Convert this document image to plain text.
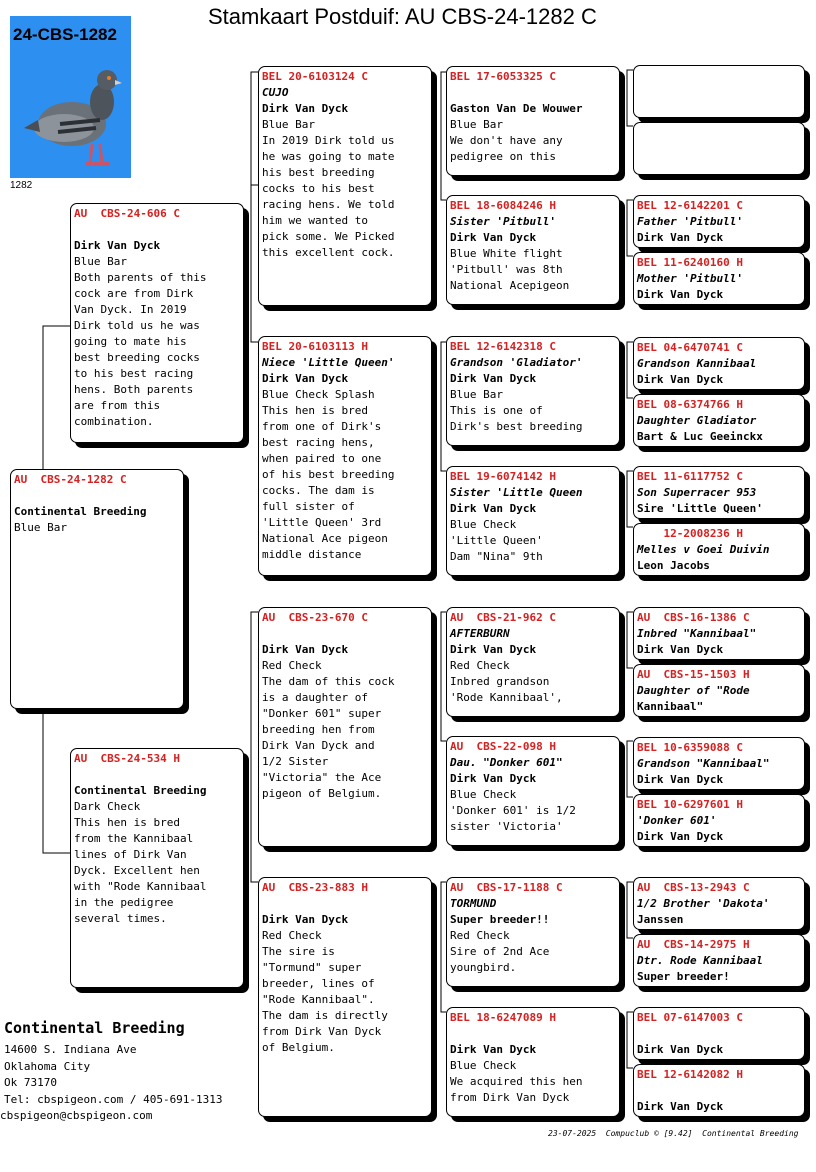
Stamkaart Postduif: AU CBS-24-1282 C
24-CBS-1282
1282
AU  CBS-24-1282 C

Continental Breeding
Blue Bar
AU  CBS-24-606 C

Dirk Van Dyck
Blue Bar
Both parents of this
cock are from Dirk
Van Dyck. In 2019
Dirk told us he was
going to mate his
best breeding cocks
to his best racing
hens. Both parents
are from this
combination.
AU  CBS-24-534 H

Continental Breeding
Dark Check
This hen is bred
from the Kannibaal
lines of Dirk Van
Dyck. Excellent hen
with "Rode Kannibaal
in the pedigree
several times.
BEL 20-6103124 C
CUJO
Dirk Van Dyck
Blue Bar
In 2019 Dirk told us
he was going to mate
his best breeding
cocks to his best
racing hens. We told
him we wanted to
pick some. We Picked
this excellent cock.
BEL 20-6103113 H
Niece 'Little Queen'
Dirk Van Dyck
Blue Check Splash
This hen is bred
from one of Dirk's
best racing hens,
when paired to one
of his best breeding
cocks. The dam is
full sister of
'Little Queen' 3rd
National Ace pigeon
middle distance
AU  CBS-23-670 C

Dirk Van Dyck
Red Check
The dam of this cock
is a daughter of
"Donker 601" super
breeding hen from
Dirk Van Dyck and
1/2 Sister
"Victoria" the Ace
pigeon of Belgium.
AU  CBS-23-883 H

Dirk Van Dyck
Red Check
The sire is
"Tormund" super
breeder, lines of
"Rode Kannibaal".
The dam is directly
from Dirk Van Dyck
of Belgium.
BEL 17-6053325 C

Gaston Van De Wouwer
Blue Bar
We don't have any
pedigree on this
BEL 18-6084246 H
Sister 'Pitbull'
Dirk Van Dyck
Blue White flight
'Pitbull' was 8th
National Acepigeon
BEL 12-6142318 C
Grandson 'Gladiator'
Dirk Van Dyck
Blue Bar
This is one of
Dirk's best breeding
BEL 19-6074142 H
Sister 'Little Queen
Dirk Van Dyck
Blue Check
'Little Queen'
Dam "Nina" 9th
AU  CBS-21-962 C
AFTERBURN
Dirk Van Dyck
Red Check
Inbred grandson
'Rode Kannibaal',
AU  CBS-22-098 H
Dau. "Donker 601"
Dirk Van Dyck
Blue Check
'Donker 601' is 1/2
sister 'Victoria'
AU  CBS-17-1188 C
TORMUND
Super breeder!!
Red Check
Sire of 2nd Ace
youngbird.
BEL 18-6247089 H

Dirk Van Dyck
Blue Check
We acquired this hen
from Dirk Van Dyck
BEL 12-6142201 C
Father 'Pitbull'
Dirk Van Dyck
BEL 11-6240160 H
Mother 'Pitbull'
Dirk Van Dyck
BEL 04-6470741 C
Grandson Kannibaal
Dirk Van Dyck
BEL 08-6374766 H
Daughter Gladiator
Bart & Luc Geeinckx
BEL 11-6117752 C
Son Superracer 953
Sire 'Little Queen'
12-2008236 H
Melles v Goei Duivin
Leon Jacobs
AU  CBS-16-1386 C
Inbred "Kannibaal"
Dirk Van Dyck
AU  CBS-15-1503 H
Daughter of "Rode
Kannibaal"
BEL 10-6359088 C
Grandson "Kannibaal"
Dirk Van Dyck
BEL 10-6297601 H
'Donker 601'
Dirk Van Dyck
AU  CBS-13-2943 C
1/2 Brother 'Dakota'
Janssen
AU  CBS-14-2975 H
Dtr. Rode Kannibaal
Super breeder!
BEL 07-6147003 C

Dirk Van Dyck
BEL 12-6142082 H

Dirk Van Dyck
Continental Breeding
14600 S. Indiana Ave
Oklahoma City
Ok 73170
Tel: cbspigeon.com / 405-691-1313
cbspigeon@cbspigeon.com
23-07-2025  Compuclub © [9.42]  Continental Breeding
